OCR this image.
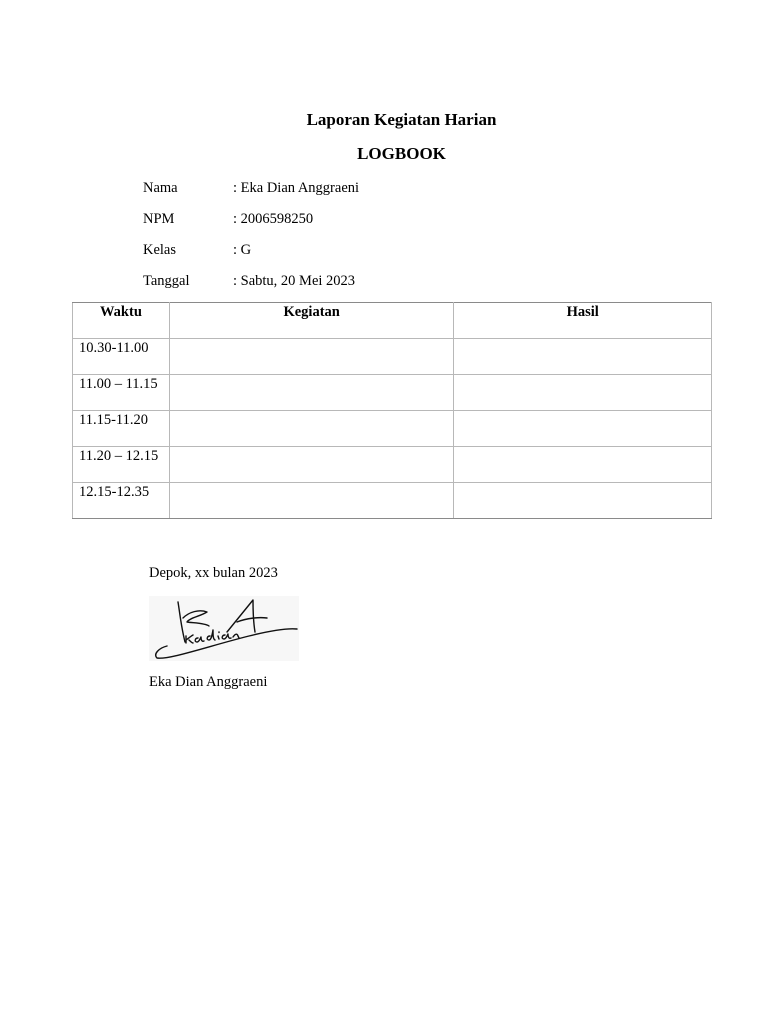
Laporan Kegiatan Harian
LOGBOOK
Nama	: Eka Dian Anggraeni
NPM	: 2006598250
Kelas	: G
Tanggal	: Sabtu, 20 Mei 2023
Waktu	Kegiatan	Hasil
10.30-11.00		
11.00 – 11.15		
11.15-11.20		
11.20 – 12.15		
12.15-12.35		
Depok, xx bulan 2023
Eka Dian Anggraeni
